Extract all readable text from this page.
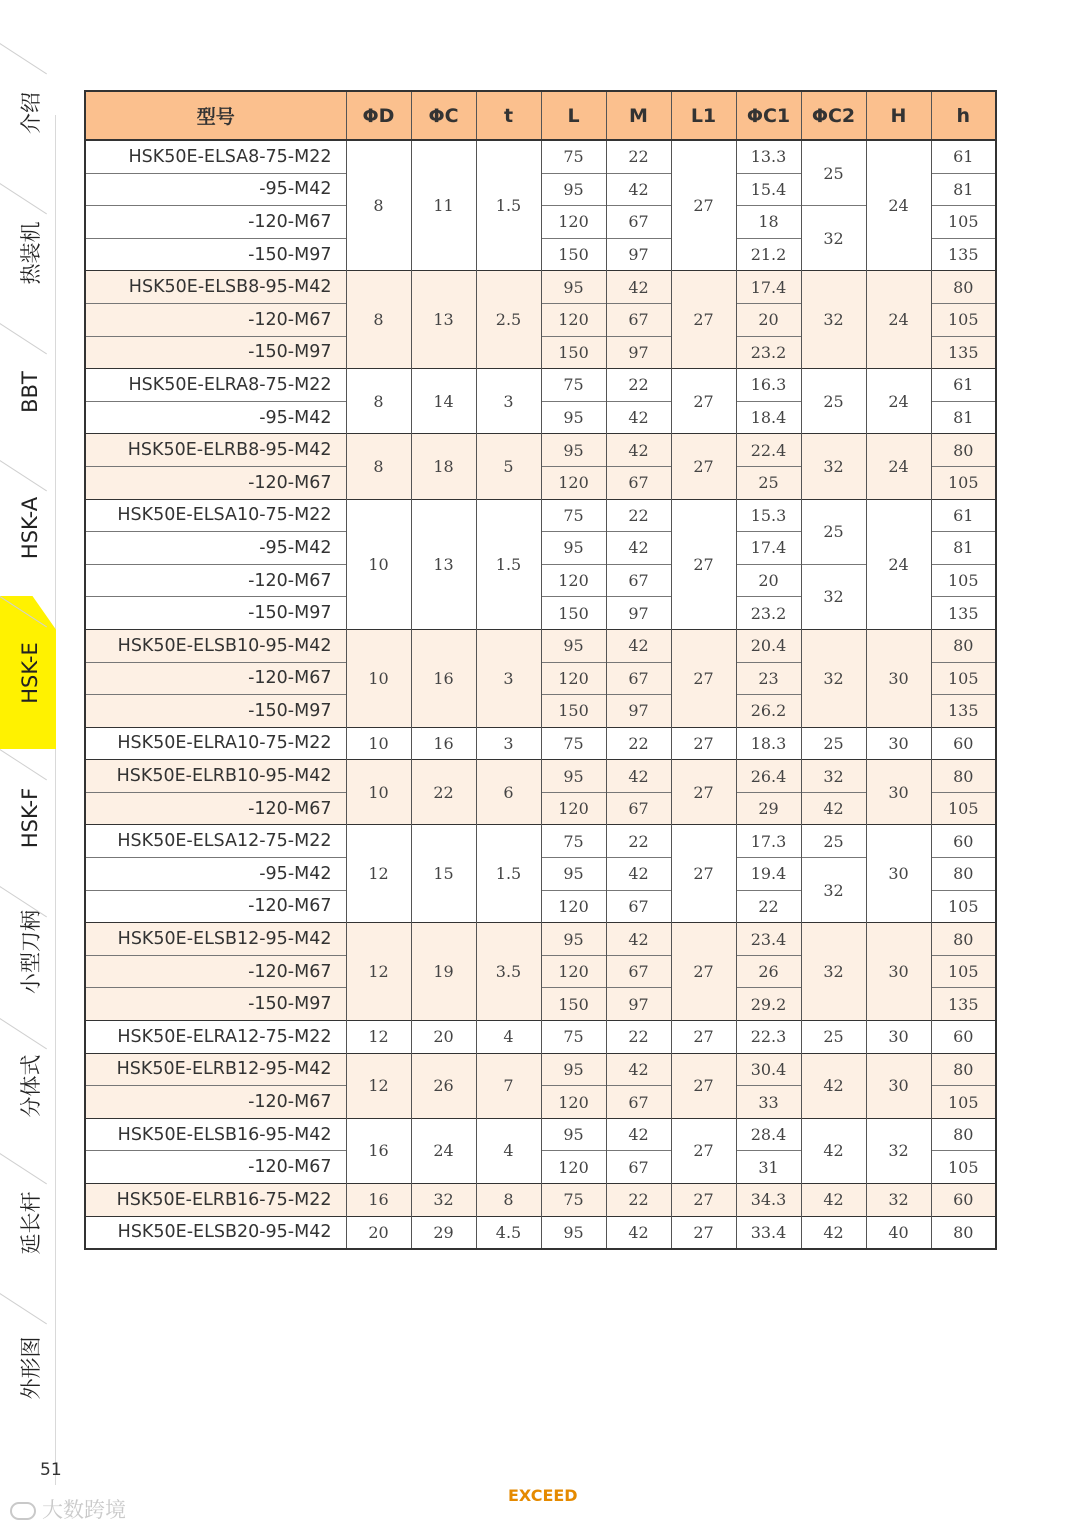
介绍
热装机
BBT
HSK-A
HSK-E
HSK-F
小型刀柄
分体式
延长杆
外形图
型号	ΦD	ΦC	t	L	M	L1	ΦC1	ΦC2	H	h
HSK50E-ELSA8-75-M22	8	11	1.5	75	22	27	13.3	25	24	61
-95-M42				95	42		15.4			81
-120-M67				120	67		18	32		105
-150-M97				150	97		21.2			135
HSK50E-ELSB8-95-M42	8	13	2.5	95	42	27	17.4	32	24	80
-120-M67				120	67		20			105
-150-M97				150	97		23.2			135
HSK50E-ELRA8-75-M22	8	14	3	75	22	27	16.3	25	24	61
-95-M42				95	42		18.4			81
HSK50E-ELRB8-95-M42	8	18	5	95	42	27	22.4	32	24	80
-120-M67				120	67		25			105
HSK50E-ELSA10-75-M22	10	13	1.5	75	22	27	15.3	25	24	61
-95-M42				95	42		17.4			81
-120-M67				120	67		20	32		105
-150-M97				150	97		23.2			135
HSK50E-ELSB10-95-M42	10	16	3	95	42	27	20.4	32	30	80
-120-M67				120	67		23			105
-150-M97				150	97		26.2			135
HSK50E-ELRA10-75-M22	10	16	3	75	22	27	18.3	25	30	60
HSK50E-ELRB10-95-M42	10	22	6	95	42	27	26.4	32	30	80
-120-M67				120	67		29	42		105
HSK50E-ELSA12-75-M22	12	15	1.5	75	22	27	17.3	25	30	60
-95-M42				95	42		19.4	32		80
-120-M67				120	67		22			105
HSK50E-ELSB12-95-M42	12	19	3.5	95	42	27	23.4	32	30	80
-120-M67				120	67		26			105
-150-M97				150	97		29.2			135
HSK50E-ELRA12-75-M22	12	20	4	75	22	27	22.3	25	30	60
HSK50E-ELRB12-95-M42	12	26	7	95	42	27	30.4	42	30	80
-120-M67				120	67		33			105
HSK50E-ELSB16-95-M42	16	24	4	95	42	27	28.4	42	32	80
-120-M67				120	67		31			105
HSK50E-ELRB16-75-M22	16	32	8	75	22	27	34.3	42	32	60
HSK50E-ELSB20-95-M42	20	29	4.5	95	42	27	33.4	42	40	80
51
EXCEED
大数跨境
